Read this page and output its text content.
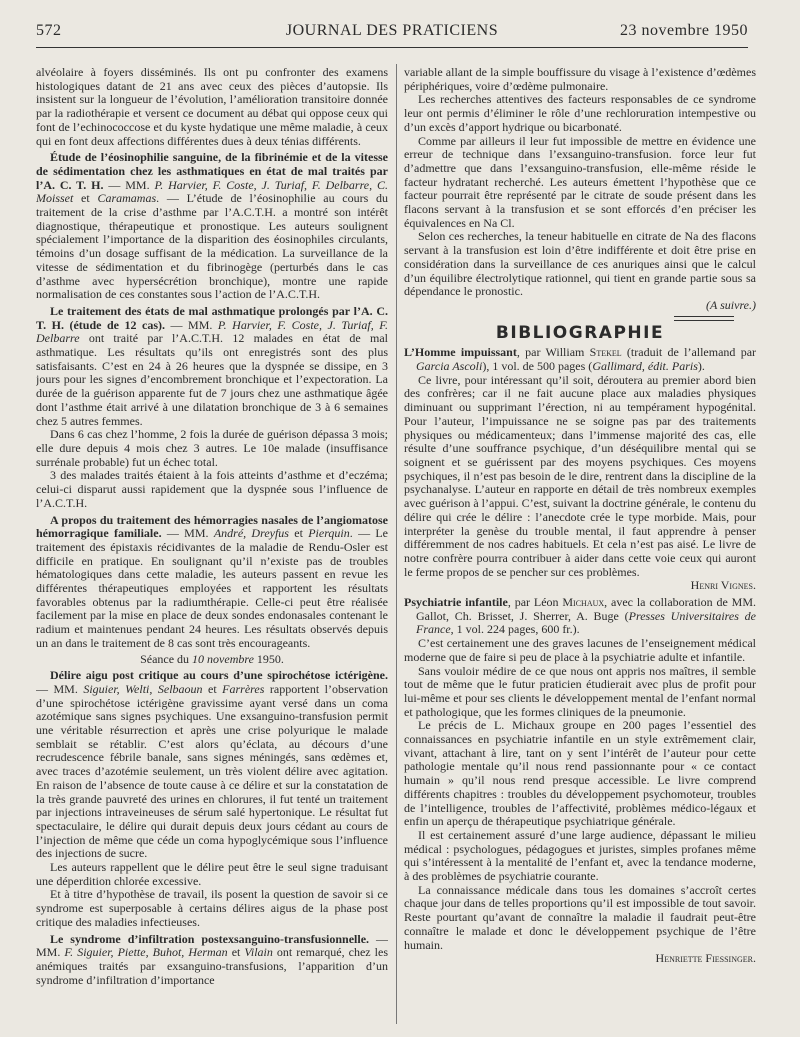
572	JOURNAL DES PRATICIENS	23 novembre 1950

alvéolaire à foyers disséminés. Ils ont pu confronter des examens histologiques datant de 21 ans avec ceux des pièces d’autopsie. Ils insistent sur la longueur de l’évolution, l’amélioration transitoire donnée par la radiothérapie et versent ce document au débat qui oppose ceux qui font de l’echinococcose et du kyste hydatique une même maladie, à ceux qui en font deux affections différentes dues à deux ténias différents.

Étude de l’éosinophilie sanguine, de la fibrinémie et de la vitesse de sédimentation chez les asthmatiques en état de mal traités par l’A. C. T. H. — MM. P. Harvier, F. Coste, J. Turiaf, F. Delbarre, C. Moisset et Caramamas. — L’étude de l’éosinophilie au cours du traitement de la crise d’asthme par l’A.C.T.H. a montré son intérêt diagnostique, thérapeutique et pronostique. Les auteurs soulignent spécialement l’importance de la disparition des éosinophiles circulants, témoins d’un dosage suffisant de la médication. La surveillance de la vitesse de sédimentation et du fibrinogège (perturbés dans le cas d’asthme avec hypersécrétion bronchique), montre une rapide normalisation de ces constantes sous l’action de l’A.C.T.H.

Le traitement des états de mal asthmatique prolongés par l’A. C. T. H. (étude de 12 cas). — MM. P. Harvier, F. Coste, J. Turiaf, F. Delbarre ont traité par l’A.C.T.H. 12 malades en état de mal asthmatique. Les résultats qu’ils ont enregistrés sont des plus satisfaisants. C’est en 24 à 26 heures que la dyspnée se dissipe, en 3 jours pour les signes d’encombrement bronchique et l’expectoration. La durée de la guérison apparente fut de 7 jours chez une asthmatique âgée dont l’asthme était arrivé à une dilatation bronchique de 3 à 6 semaines chez 5 autres femmes.

Dans 6 cas chez l’homme, 2 fois la durée de guérison dépassa 3 mois; elle dure depuis 4 mois chez 3 autres. Le 10e malade (insuffisance surrénale probable) fut un échec total.

3 des malades traités étaient à la fois atteints d’asthme et d’eczéma; celui-ci disparut aussi rapidement que la dyspnée sous l’influence de l’A.C.T.H.

A propos du traitement des hémorragies nasales de l’angiomatose hémorragique familiale. — MM. André, Dreyfus et Pierquin. — Le traitement des épistaxis récidivantes de la maladie de Rendu-Osler est difficile en pratique. En soulignant qu’il n’existe pas de troubles hématologiques dans cette maladie, les auteurs passent en revue les différentes thérapeutiques employées et rapportent les résultats favorables obtenus par la radiumthérapie. Celle-ci peut être réalisée facilement par la mise en place de deux sondes endonasales contenant le radium et maintenues pendant 24 heures. Les résultats observés depuis un an dans le traitement de 8 cas sont très encourageants.

Séance du 10 novembre 1950.

Délire aigu post critique au cours d’une spirochétose ictérigène. — MM. Siguier, Welti, Selbaoun et Farrères rapportent l’observation d’une spirochétose ictérigène gravissime ayant versé dans un coma azotémique sans signes psychiques. Une exsanguino-transfusion permit une véritable résurrection et après une crise polyurique le malade semblait se rétablir. C’est alors qu’éclata, au décours d’une recrudescence fébrile banale, sans signes méningés, sans œdèmes et, avec traces d’azotémie seulement, un très violent délire avec agitation. En raison de l’absence de toute cause à ce délire et sur la constatation de la très grande pauvreté des urines en chlorures, il fut tenté un traitement par injections intraveineuses de sérum salé hypertonique. Le résultat fut spectaculaire, le délire qui durait depuis deux jours cédant au cours de l’injection de même que céde un coma hypoglycémique sous l’influence des injections de sucre.

Les auteurs rappellent que le délire peut être le seul signe traduisant une déperdition chlorée excessive.

Et à titre d’hypothèse de travail, ils posent la question de savoir si ce syndrome est superposable à certains délires aigus de la phase post critique des maladies infectieuses.

Le syndrome d’infiltration postexsanguino-transfusionnelle. — MM. F. Siguier, Piette, Buhot, Herman et Vilain ont remarqué, chez les anémiques traités par exsanguino-transfusions, l’apparition d’un syndrome d’infiltration d’importance

variable allant de la simple bouffissure du visage à l’existence d’œdèmes périphériques, voire d’œdème pulmonaire.

Les recherches attentives des facteurs responsables de ce syndrome leur ont permis d’éliminer le rôle d’une rechloruration intempestive ou d’un excès d’apport hydrique ou bicarbonaté.

Comme par ailleurs il leur fut impossible de mettre en évidence une erreur de technique dans l’exsanguino-transfusion. force leur fut d’admettre que dans l’exsanguino-transfusion, elle-même réside le facteur hydratant recherché. Les auteurs émettent l’hypothèse que ce facteur pourrait être représenté par le citrate de soude présent dans les flacons servant à la transfusion et se sont efforcés d’en préciser les équivalences en Na Cl.

Selon ces recherches, la teneur habituelle en citrate de Na des flacons servant à la transfusion est loin d’être indifférente et doit être prise en considération dans la surveillance de ces anuriques ainsi que le calcul d’un équilibre électrolytique rationnel, qui tient en grande partie sous sa dépendance le pronostic.

(A suivre.)

BIBLIOGRAPHIE

L’Homme impuissant, par William Stekel (traduit de l’allemand par Garcia Ascoli), 1 vol. de 500 pages (Gallimard, édit. Paris).

Ce livre, pour intéressant qu’il soit, déroutera au premier abord bien des confrères; car il ne fait aucune place aux maladies physiques diminuant ou supprimant l’érection, ni au tempérament hypogénital. Pour l’auteur, l’impuissance ne se soigne pas par des traitements physiques ou médicamenteux; dans l’immense majorité des cas, elle résulte d’une souffrance psychique, d’un déséquilibre mental qui se soignent et se guérissent par des moyens psychiques. Ces moyens psychiques, il n’est pas besoin de le dire, rentrent dans la discipline de la psychanalyse. L’auteur en rapporte en détail de très nombreux exemples avec guérison à l’appui. C’est, suivant la doctrine générale, le contenu du délire qui crée le délire : l’anecdote crée le type morbide. Mais, pour interpréter la genèse du trouble mental, il faut apprendre à penser différemment de nos cadres habituels. Et cela n’est pas aisé. Le livre de notre confrère pourra contribuer à aider dans cette voie ceux qui auront le ferme propos de se pencher sur ces problèmes.

Henri Vignes.

Psychiatrie infantile, par Léon Michaux, avec la collaboration de MM. Gallot, Ch. Brisset, J. Sherrer, A. Buge (Presses Universitaires de France, 1 vol. 224 pages, 600 fr.).

C’est certainement une des graves lacunes de l’enseignement médical moderne que de faire si peu de place à la psychiatrie adulte et infantile.

Sans vouloir médire de ce que nous ont appris nos maîtres, il semble tout de même que le futur praticien étudierait avec plus de profit pour lui-même et pour ses clients le développement mental de l’enfant normal et pathologique, que les formes cliniques de la pneumonie.

Le précis de L. Michaux groupe en 200 pages l’essentiel des connaissances en psychiatrie infantile en un style extrêmement clair, vivant, attachant à lire, tant on y sent l’intérêt de l’auteur pour cette pathologie mentale qu’il nous rend passionnante pour « ce contact humain » qu’il nous rend presque accessible. Le livre comprend différents chapitres : troubles du développement psychomoteur, troubles de l’intelligence, troubles de l’affectivité, problèmes médico-légaux et enfin un aperçu de thérapeutique psychiatrique générale.

Il est certainement assuré d’une large audience, dépassant le milieu médical : psychologues, pédagogues et juristes, simples profanes même qui s’intéressent à la mentalité de l’enfant et, avec la tendance moderne, à des problèmes de psychiatrie courante.

La connaissance médicale dans tous les domaines s’accroît certes chaque jour dans de telles proportions qu’il est impossible de tout savoir. Reste pourtant qu’avant de connaître la maladie il faudrait peut-être connaître le malade et donc le développement psychique de l’être humain.

Henriette Fiessinger.
